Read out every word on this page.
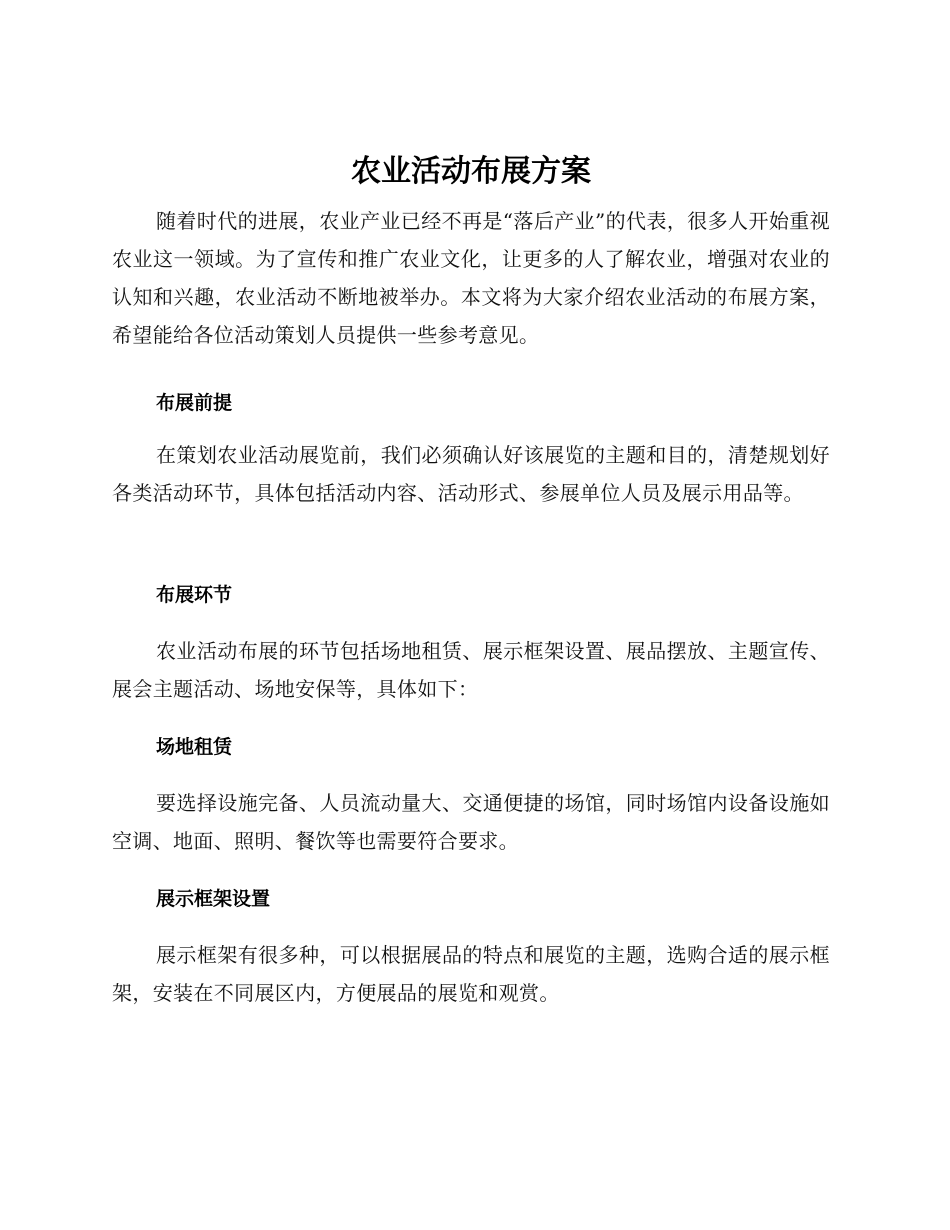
农业活动布展方案

随着时代的进展，农业产业已经不再是“落后产业”的代表，很多人开始重视农业这一领域。为了宣传和推广农业文化，让更多的人了解农业，增强对农业的认知和兴趣，农业活动不断地被举办。本文将为大家介绍农业活动的布展方案，希望能给各位活动策划人员提供一些参考意见。

布展前提

在策划农业活动展览前，我们必须确认好该展览的主题和目的，清楚规划好各类活动环节，具体包括活动内容、活动形式、参展单位人员及展示用品等。

布展环节

农业活动布展的环节包括场地租赁、展示框架设置、展品摆放、主题宣传、展会主题活动、场地安保等，具体如下：

场地租赁

要选择设施完备、人员流动量大、交通便捷的场馆，同时场馆内设备设施如空调、地面、照明、餐饮等也需要符合要求。

展示框架设置

展示框架有很多种，可以根据展品的特点和展览的主题，选购合适的展示框架，安装在不同展区内，方便展品的展览和观赏。
